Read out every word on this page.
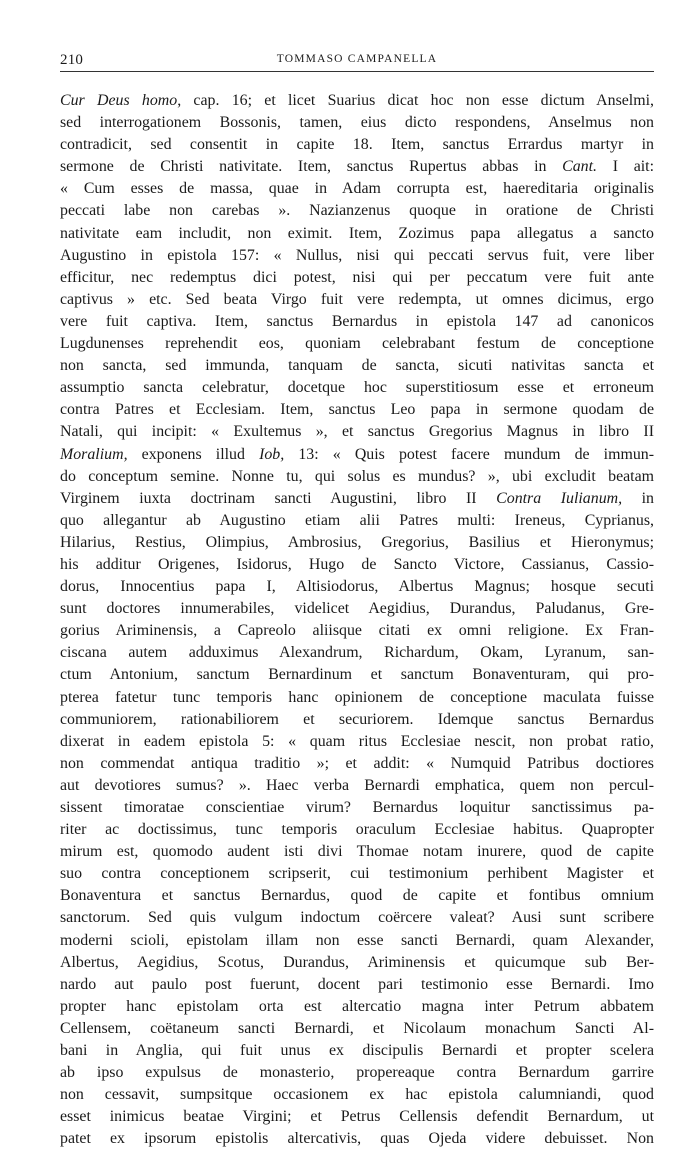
210	TOMMASO CAMPANELLA
Cur Deus homo, cap. 16; et licet Suarius dicat hoc non esse dictum Anselmi,
sed interrogationem Bossonis, tamen, eius dicto respondens, Anselmus non
contradicit, sed consentit in capite 18. Item, sanctus Errardus martyr in
sermone de Christi nativitate. Item, sanctus Rupertus abbas in Cant. I ait:
« Cum esses de massa, quae in Adam corrupta est, haereditaria originalis
peccati labe non carebas ». Nazianzenus quoque in oratione de Christi
nativitate eam includit, non eximit. Item, Zozimus papa allegatus a sancto
Augustino in epistola 157: « Nullus, nisi qui peccati servus fuit, vere liber
efficitur, nec redemptus dici potest, nisi qui per peccatum vere fuit ante
captivus » etc. Sed beata Virgo fuit vere redempta, ut omnes dicimus, ergo
vere fuit captiva. Item, sanctus Bernardus in epistola 147 ad canonicos
Lugdunenses reprehendit eos, quoniam celebrabant festum de conceptione
non sancta, sed immunda, tanquam de sancta, sicuti nativitas sancta et
assumptio sancta celebratur, docetque hoc superstitiosum esse et erroneum
contra Patres et Ecclesiam. Item, sanctus Leo papa in sermone quodam de
Natali, qui incipit: « Exultemus », et sanctus Gregorius Magnus in libro II
Moralium, exponens illud Iob, 13: « Quis potest facere mundum de immun-
do conceptum semine. Nonne tu, qui solus es mundus? », ubi excludit beatam
Virginem iuxta doctrinam sancti Augustini, libro II Contra Iulianum, in
quo allegantur ab Augustino etiam alii Patres multi: Ireneus, Cyprianus,
Hilarius, Restius, Olimpius, Ambrosius, Gregorius, Basilius et Hieronymus;
his additur Origenes, Isidorus, Hugo de Sancto Victore, Cassianus, Cassio-
dorus, Innocentius papa I, Altisiodorus, Albertus Magnus; hosque secuti
sunt doctores innumerabiles, videlicet Aegidius, Durandus, Paludanus, Gre-
gorius Ariminensis, a Capreolo aliisque citati ex omni religione. Ex Fran-
ciscana autem adduximus Alexandrum, Richardum, Okam, Lyranum, san-
ctum Antonium, sanctum Bernardinum et sanctum Bonaventuram, qui pro-
pterea fatetur tunc temporis hanc opinionem de conceptione maculata fuisse
communiorem, rationabiliorem et securiorem. Idemque sanctus Bernardus
dixerat in eadem epistola 5: « quam ritus Ecclesiae nescit, non probat ratio,
non commendat antiqua traditio »; et addit: « Numquid Patribus doctiores
aut devotiores sumus? ». Haec verba Bernardi emphatica, quem non percul-
sissent timoratae conscientiae virum? Bernardus loquitur sanctissimus pa-
riter ac doctissimus, tunc temporis oraculum Ecclesiae habitus. Quapropter
mirum est, quomodo audent isti divi Thomae notam inurere, quod de capite
suo contra conceptionem scripserit, cui testimonium perhibent Magister et
Bonaventura et sanctus Bernardus, quod de capite et fontibus omnium
sanctorum. Sed quis vulgum indoctum coërcere valeat? Ausi sunt scribere
moderni scioli, epistolam illam non esse sancti Bernardi, quam Alexander,
Albertus, Aegidius, Scotus, Durandus, Ariminensis et quicumque sub Ber-
nardo aut paulo post fuerunt, docent pari testimonio esse Bernardi. Imo
propter hanc epistolam orta est altercatio magna inter Petrum abbatem
Cellensem, coëtaneum sancti Bernardi, et Nicolaum monachum Sancti Al-
bani in Anglia, qui fuit unus ex discipulis Bernardi et propter scelera
ab ipso expulsus de monasterio, propereaque contra Bernardum garrire
non cessavit, sumpsitque occasionem ex hac epistola calumniandi, quod
esset inimicus beatae Virgini; et Petrus Cellensis defendit Bernardum, ut
patet ex ipsorum epistolis altercativis, quas Ojeda videre debuisset. Non
